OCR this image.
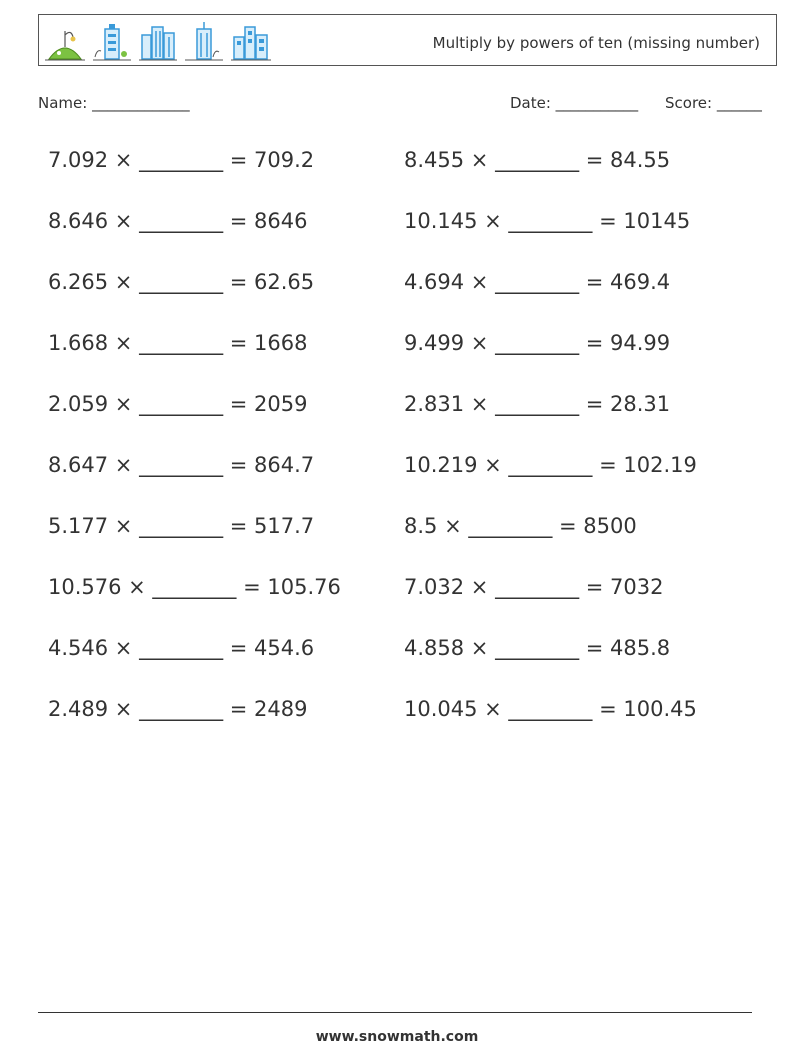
Multiply by powers of ten (missing number)
Name: _____________	Date: ___________ Score: ______
7.092 × ________ = 709.2	8.455 × ________ = 84.55
8.646 × ________ = 8646	10.145 × ________ = 10145
6.265 × ________ = 62.65	4.694 × ________ = 469.4
1.668 × ________ = 1668	9.499 × ________ = 94.99
2.059 × ________ = 2059	2.831 × ________ = 28.31
8.647 × ________ = 864.7	10.219 × ________ = 102.19
5.177 × ________ = 517.7	8.5 × ________ = 8500
10.576 × ________ = 105.76	7.032 × ________ = 7032
4.546 × ________ = 454.6	4.858 × ________ = 485.8
2.489 × ________ = 2489	10.045 × ________ = 100.45
www.snowmath.com
